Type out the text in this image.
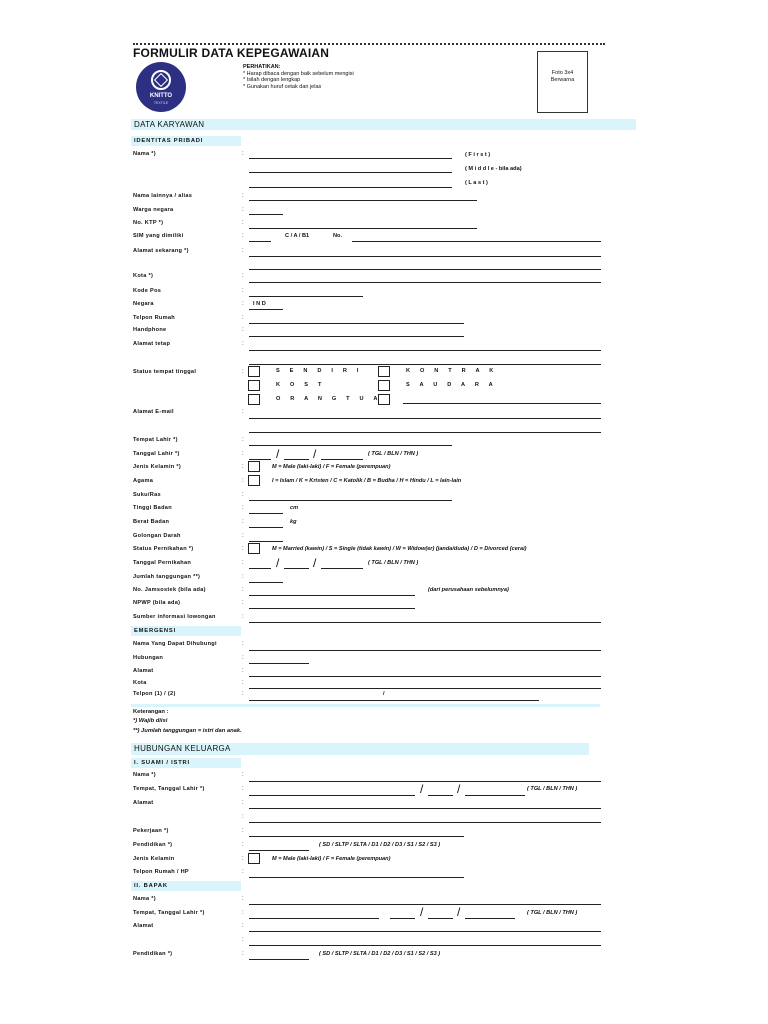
FORMULIR DATA KEPEGAWAIAN
KNITTO
TEXTILE
PERHATIKAN:
* Harap dibaca dengan baik sebelum mengisi
* Isilah dengan lengkap
* Gunakan huruf cetak dan jelas
Foto 3x4
Berwarna
DATA KARYAWAN
IDENTITAS PRIBADI
Nama *)	:	( F i r s t )
( M i d d l e - bila ada)
( L a s t )
Nama lainnya / alias	:
Warga negara	:
No. KTP *)	:
SIM yang dimiliki	:	C / A / B1	No.
Alamat sekarang *)	:
Kota *)	:
Kode Pos	:
Negara	: I N D
Telpon Rumah	:
Handphone	:
Alamat tetap	:
Status tempat tinggal	:	S E N D I R I	K O N T R A K
K O S T	S A U D A R A
O R A N G T U A
Alamat E-mail	:
Tempat Lahir *)	:
Tanggal Lahir *)	:	/	/	( TGL / BLN / THN )
Jenis Kelamin *)	:	M = Male (laki-laki) / F = Female (perempuan)
Agama	:	I = Islam / K = Kristen / C = Katolik / B = Budha / H = Hindu / L = lain-lain
Suku/Ras	:
Tinggi Badan	:	cm
Berat Badan	:	kg
Golongan Darah	:
Status Pernikahan *)	:	M = Married (kawin) / S = Single (tidak kawin) / W = Widow(er) (janda/duda) / D = Divorced (cerai)
Tanggal Pernikahan	:	/	/	( TGL / BLN / THN )
Jumlah tanggungan **)	:
No. Jamsostek (bila ada)	:	(dari perusahaan sebelumnya)
NPWP (bila ada)	:
Sumber informasi lowongan	:
EMERGENSI
Nama Yang Dapat Dihubungi	:
Hubungan	:
Alamat	:
Kota	:
Telpon (1) / (2)	:	/
Keterangan :
*) Wajib diisi
**) Jumlah tanggungan = istri dan anak.
HUBUNGAN KELUARGA
I. SUAMI / ISTRI
Nama *)	:
Tempat, Tanggal Lahir *)	:	/	/	( TGL / BLN / THN )
Alamat	:
:
Pekerjaan *)	:
Pendidikan *)	:	( SD / SLTP / SLTA / D1 / D2 / D3 / S1 / S2 / S3 )
Jenis Kelamin	:	M = Male (laki-laki) / F = Female (perempuan)
Telpon Rumah / HP	:
II. BAPAK
Nama *)	:
Tempat, Tanggal Lahir *)	:	/	/	( TGL / BLN / THN )
Alamat	:
:
Pendidikan *)	:	( SD / SLTP / SLTA / D1 / D2 / D3 / S1 / S2 / S3 )
